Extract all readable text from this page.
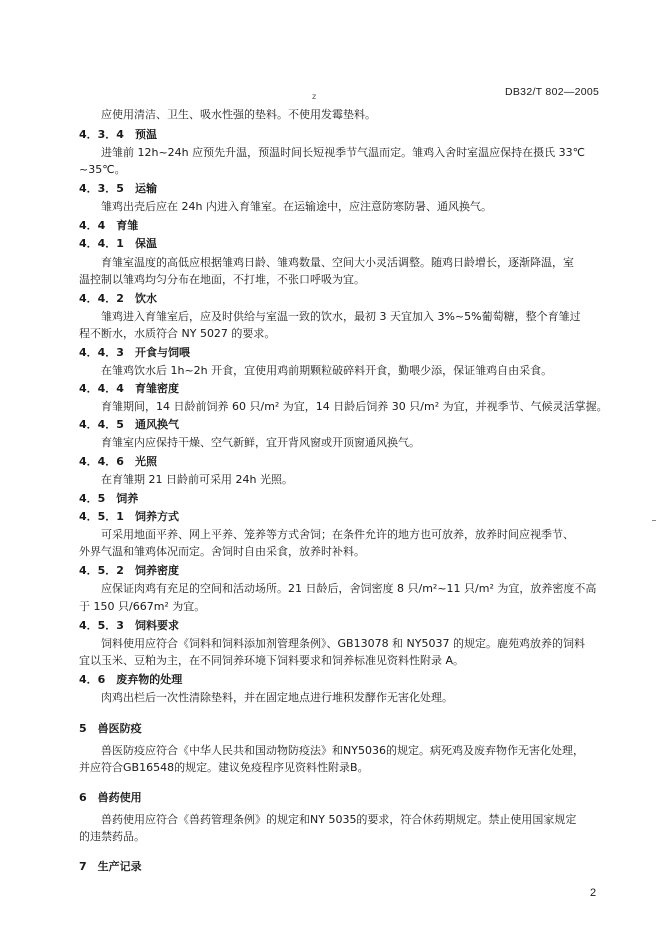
DB32/T 802—2005
z
应使用清洁、卫生、吸水性强的垫料。不使用发霉垫料。
4．3．4　预温
进雏前 12h~24h 应预先升温，预温时间长短视季节气温而定。雏鸡入舍时室温应保持在摄氏 33℃
~35℃。
4．3．5　运输
雏鸡出壳后应在 24h 内进入育雏室。在运输途中，应注意防寒防暑、通风换气。
4．4　育雏
4．4．1　保温
育雏室温度的高低应根据雏鸡日龄、雏鸡数量、空间大小灵活调整。随鸡日龄增长，逐渐降温，室
温控制以雏鸡均匀分布在地面，不打堆，不张口呼吸为宜。
4．4．2　饮水
雏鸡进入育雏室后，应及时供给与室温一致的饮水，最初 3 天宜加入 3%~5%葡萄糖，整个育雏过
程不断水，水质符合 NY 5027 的要求。
4．4．3　开食与饲喂
在雏鸡饮水后 1h~2h 开食，宜使用鸡前期颗粒破碎料开食，勤喂少添，保证雏鸡自由采食。
4．4．4　育雏密度
育雏期间，14 日龄前饲养 60 只/m² 为宜，14 日龄后饲养 30 只/m² 为宜，并视季节、气候灵活掌握。
4．4．5　通风换气
育雏室内应保持干燥、空气新鲜，宜开背风窗或开顶窗通风换气。
4．4．6　光照
在育雏期 21 日龄前可采用 24h 光照。
4．5　饲养
4．5．1　饲养方式
可采用地面平养、网上平养、笼养等方式舍饲；在条件允许的地方也可放养，放养时间应视季节、
外界气温和雏鸡体况而定。舍饲时自由采食，放养时补料。
4．5．2　饲养密度
应保证肉鸡有充足的空间和活动场所。21 日龄后，舍饲密度 8 只/m²~11 只/m² 为宜，放养密度不高
于 150 只/667m² 为宜。
4．5．3　饲料要求
饲料使用应符合《饲料和饲料添加剂管理条例》、GB13078 和 NY5037 的规定。鹿苑鸡放养的饲料
宜以玉米、豆粕为主，在不同饲养环境下饲料要求和饲养标准见资料性附录 A。
4．6　废弃物的处理
肉鸡出栏后一次性清除垫料，并在固定地点进行堆积发酵作无害化处理。
5　兽医防疫
兽医防疫应符合《中华人民共和国动物防疫法》和NY5036的规定。病死鸡及废弃物作无害化处理，
并应符合GB16548的规定。建议免疫程序见资料性附录B。
6　兽药使用
兽药使用应符合《兽药管理条例》的规定和NY 5035的要求，符合休药期规定。禁止使用国家规定
的违禁药品。
7　生产记录
2
